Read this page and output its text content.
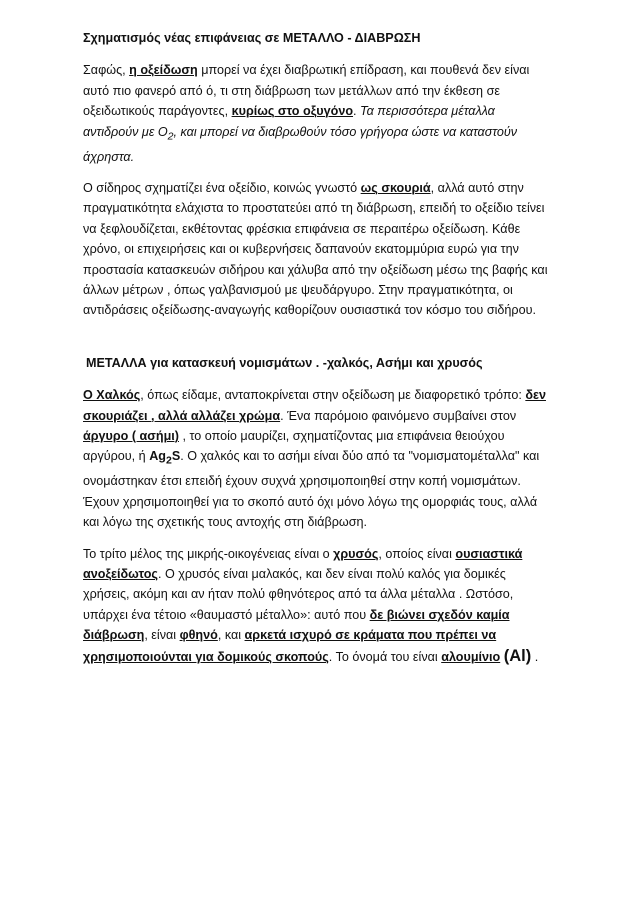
Σχηματισμός νέας επιφάνειας σε ΜΕΤΑΛΛΟ - ΔΙΑΒΡΩΣΗ

Σαφώς, η οξείδωση μπορεί να έχει διαβρωτική επίδραση, και πουθενά δεν είναι αυτό πιο φανερό από ό, τι στη διάβρωση των μετάλλων από την έκθεση σε οξειδωτικούς παράγοντες, κυρίως στο οξυγόνο. Τα περισσότερα μέταλλα αντιδρούν με $O_2$, και μπορεί να διαβρωθούν τόσο γρήγορα ώστε να καταστούν άχρηστα.

Ο σίδηρος σχηματίζει ένα οξείδιο, κοινώς γνωστό ως σκουριά, αλλά αυτό στην πραγματικότητα ελάχιστα το προστατεύει από τη διάβρωση, επειδή το οξείδιο τείνει να ξεφλουδίζεται, εκθέτοντας φρέσκια επιφάνεια σε περαιτέρω οξείδωση. Κάθε χρόνο, οι επιχειρήσεις και οι κυβερνήσεις δαπανούν εκατομμύρια ευρώ για την προστασία κατασκευών σιδήρου και χάλυβα από την οξείδωση μέσω της βαφής και άλλων μέτρων , όπως γαλβανισμού με ψευδάργυρο. Στην πραγματικότητα, οι αντιδράσεις οξείδωσης-αναγωγής καθορίζουν ουσιαστικά τον κόσμο του σιδήρου.

ΜΕΤΑΛΛΑ για κατασκευή νομισμάτων . -χαλκός, Ασήμι και χρυσός

Ο Χαλκός, όπως είδαμε, ανταποκρίνεται στην οξείδωση με διαφορετικό τρόπο: δεν σκουριάζει , αλλά αλλάζει χρώμα. Ένα παρόμοιο φαινόμενο συμβαίνει στον άργυρο ( ασήμι) , το οποίο μαυρίζει, σχηματίζοντας μια επιφάνεια θειούχου αργύρου, ή $Ag_2S$. Ο χαλκός και το ασήμι είναι δύο από τα "νομισματομέταλλα" και ονομάστηκαν έτσι επειδή έχουν συχνά χρησιμοποιηθεί στην κοπή νομισμάτων. Έχουν χρησιμοποιηθεί για το σκοπό αυτό όχι μόνο λόγω της ομορφιάς τους, αλλά και λόγω της σχετικής τους αντοχής στη διάβρωση.

Το τρίτο μέλος της μικρής-οικογένειας είναι ο χρυσός, οποίος είναι ουσιαστικά ανοξείδωτος. Ο χρυσός είναι μαλακός, και δεν είναι πολύ καλός για δομικές χρήσεις, ακόμη και αν ήταν πολύ φθηνότερος από τα άλλα μέταλλα . Ωστόσο, υπάρχει ένα τέτοιο «θαυμαστό μέταλλο»: αυτό που δε βιώνει σχεδόν καμία διάβρωση, είναι φθηνό, και αρκετά ισχυρό σε κράματα που πρέπει να χρησιμοποιούνται για δομικούς σκοπούς. Το όνομά του είναι αλουμίνιο (Al) .
